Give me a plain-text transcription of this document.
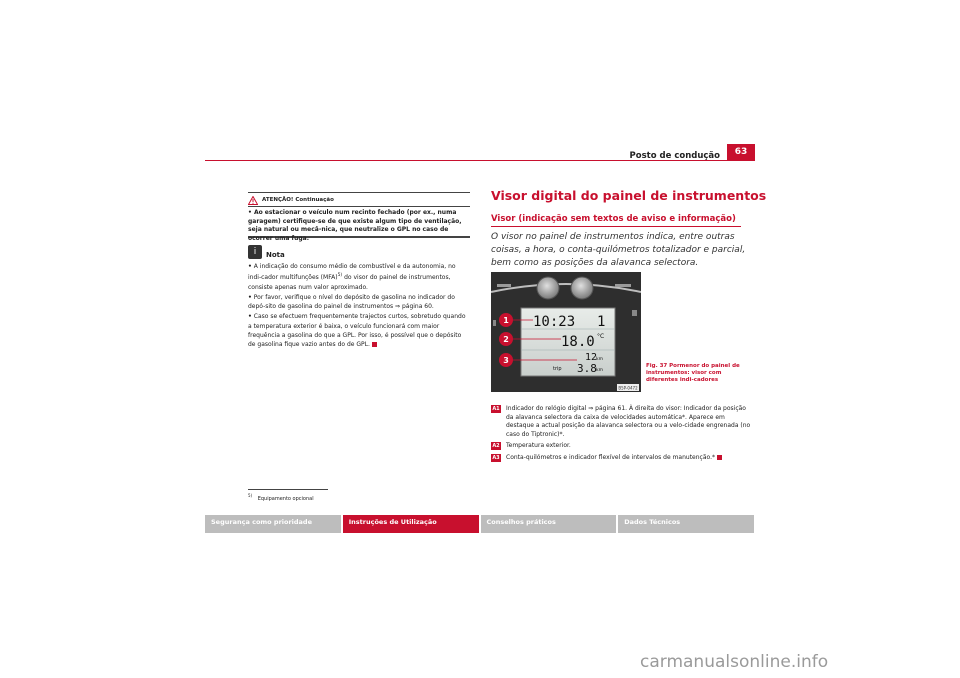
Posto de condução	63
ATENÇÃO! Continuação
• Ao estacionar o veículo num recinto fechado (por ex., numa garagem) certifique-se de que existe algum tipo de ventilação, seja natural ou mecâ-nica, que neutralize o GPL no caso de ocorrer uma fuga.
i	Nota

• A indicação do consumo médio de combustível e da autonomia, no indi-cador multifunções (MFA)$^{5)}$ do visor do painel de instrumentos, consiste apenas num valor aproximado.

• Por favor, verifique o nível do depósito de gasolina no indicador do depó-sito de gasolina do painel de instrumentos ⇒ página 60.

• Caso se efectuem frequentemente trajectos curtos, sobretudo quando a temperatura exterior é baixa, o veículo funcionará com maior frequência a gasolina do que a GPL. Por isso, é possível que o depósito de gasolina fique vazio antes do de GPL.

$^{5)}$ Equipamento opcional
Visor digital do painel de instrumentos
Visor (indicação sem textos de aviso e informação)
O visor no painel de instrumentos indica, entre outras coisas, a hora, o conta-quilómetros totalizador e parcial, bem como as posições da alavanca selectora.
10:23 1
18.0 °C
12
km
trip 3.8 km
1
2
3
B5P-0472
Fig. 37 Pormenor do painel de instrumentos: visor com diferentes indi-cadores
A1 Indicador do relógio digital ⇒ página 61. À direita do visor: Indicador da posição da alavanca selectora da caixa de velocidades automática*. Aparece em destaque a actual posição da alavanca selectora ou a velo-cidade engrenada (no caso do Tiptronic)*.
A2 Temperatura exterior.
A3 Conta-quilómetros e indicador flexível de intervalos de manutenção.*
Segurança como prioridade	Instruções de Utilização	Conselhos práticos	Dados Técnicos
carmanualsonline.info
